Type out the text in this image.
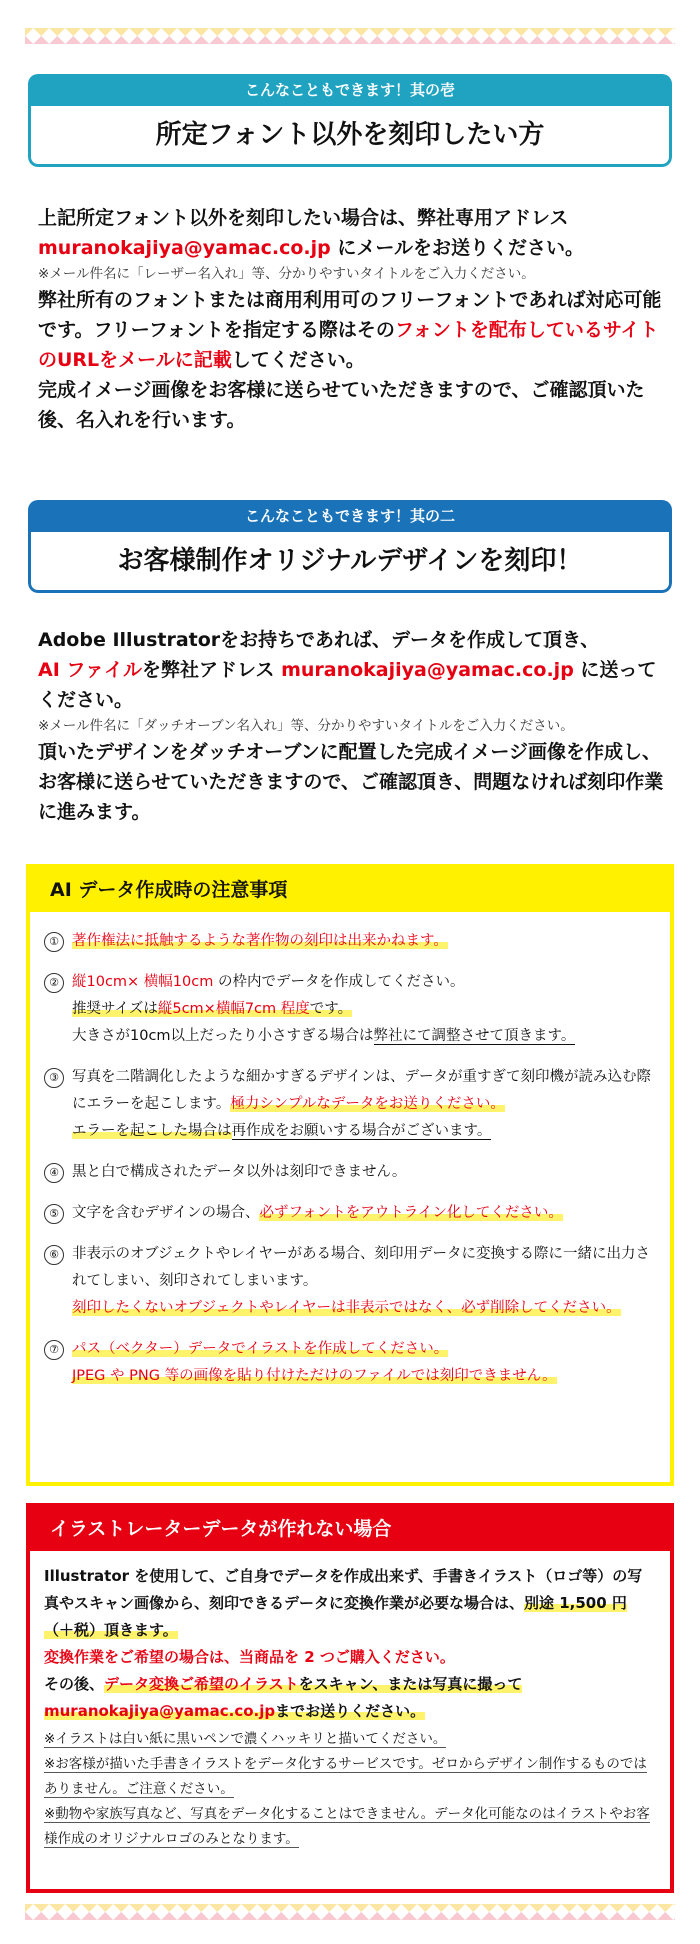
こんなこともできます！其の壱
所定フォント以外を刻印したい方

上記所定フォント以外を刻印したい場合は、弊社専用アドレス
muranokajiya@yamac.co.jp にメールをお送りください。

※メール件名に「レーザー名入れ」等、分かりやすいタイトルをご入力ください。

弊社所有のフォントまたは商用利用可のフリーフォントであれば対応可能です。フリーフォントを指定する際はそのフォントを配布しているサイトのURLをメールに記載してください。

完成イメージ画像をお客様に送らせていただきますので、ご確認頂いた後、名入れを行います。

こんなこともできます！其の二
お客様制作オリジナルデザインを刻印！

Adobe Illustratorをお持ちであれば、データを作成して頂き、
AI ファイルを弊社アドレス muranokajiya@yamac.co.jp に送ってください。

※メール件名に「ダッチオーブン名入れ」等、分かりやすいタイトルをご入力ください。

頂いたデザインをダッチオーブンに配置した完成イメージ画像を作成し、お客様に送らせていただきますので、ご確認頂き、問題なければ刻印作業に進みます。

AI データ作成時の注意事項
① 著作権法に抵触するような著作物の刻印は出来かねます。
② 縦10cm× 横幅10cm の枠内でデータを作成してください。
推奨サイズは縦5cm×横幅7cm 程度です。
大きさが10cm以上だったり小さすぎる場合は弊社にて調整させて頂きます。
③ 写真を二階調化したような細かすぎるデザインは、データが重すぎて刻印機が読み込む際にエラーを起こします。極力シンプルなデータをお送りください。
エラーを起こした場合は再作成をお願いする場合がございます。
④ 黒と白で構成されたデータ以外は刻印できません。
⑤ 文字を含むデザインの場合、必ずフォントをアウトライン化してください。
⑥ 非表示のオブジェクトやレイヤーがある場合、刻印用データに変換する際に一緒に出力されてしまい、刻印されてしまいます。
刻印したくないオブジェクトやレイヤーは非表示ではなく、必ず削除してください。
⑦ パス（ベクター）データでイラストを作成してください。
JPEG や PNG 等の画像を貼り付けただけのファイルでは刻印できません。
イラストレーターデータが作れない場合

Illustrator を使用して、ご自身でデータを作成出来ず、手書きイラスト（ロゴ等）の写真やスキャン画像から、刻印できるデータに変換作業が必要な場合は、別途 1,500 円（＋税）頂きます。

変換作業をご希望の場合は、当商品を 2 つご購入ください。

その後、データ変換ご希望のイラストをスキャン、または写真に撮って
muranokajiya@yamac.co.jpまでお送りください。

※イラストは白い紙に黒いペンで濃くハッキリと描いてください。

※お客様が描いた手書きイラストをデータ化するサービスです。ゼロからデザイン制作するものではありません。ご注意ください。

※動物や家族写真など、写真をデータ化することはできません。データ化可能なのはイラストやお客様作成のオリジナルロゴのみとなります。
